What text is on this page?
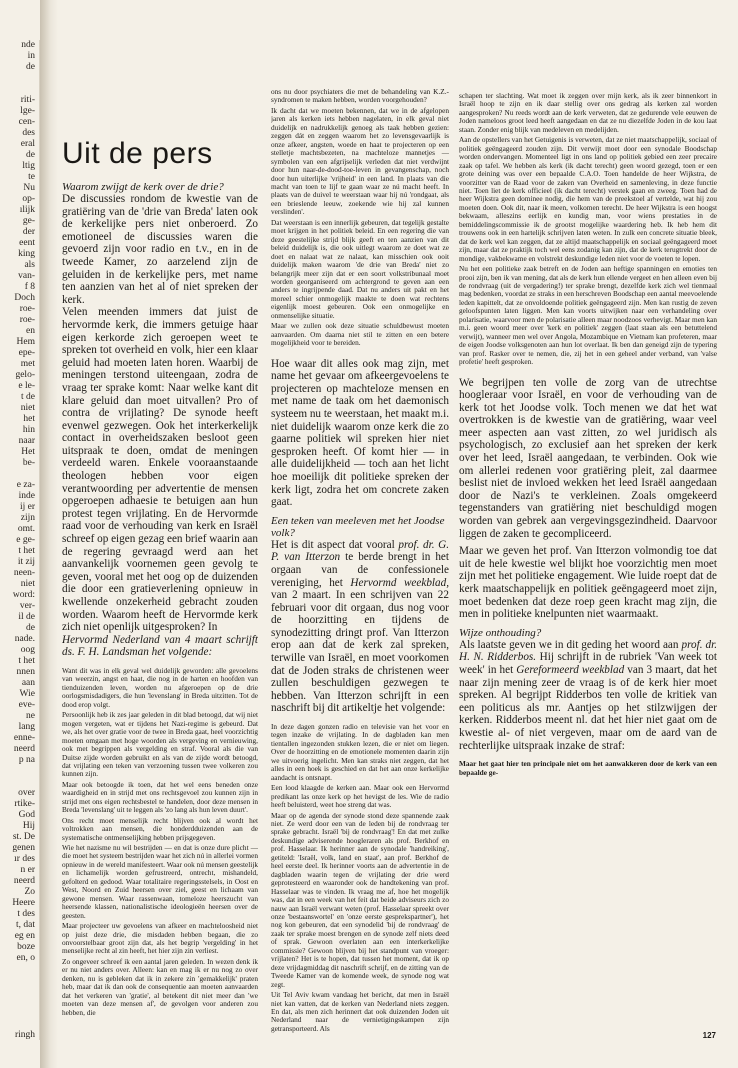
nde
in
de

riti-
lge-
cen-
des
eral
de
ltig
te
Nu
op-
ılijk
ge-
der
eent
king
als
van-
f 8
Doch
roe-
roe-
en
Hem
epe-
met
gelo-
e le-
t de
niet
het
hin
naar
Het
be-

e za-
inde
ij er
zijn
omt.
e ge-
t het
it zij
neen-
niet
word:
ver-
il de
de
nade.
oog
t het
nnen
aan
Wie
eve-
ne
lang
enne-
neerd
p na

over
rtike-
God
Hij
st. De
genen
ır des
n er
neerd
Zo
Heere
t des
t, dat
eg en
boze
en, o

ringh
Uit de pers
Waarom zwijgt de kerk over de drie?

De discussies rondom de kwestie van de gratiëring van de 'drie van Breda' laten ook de kerkelijke pers niet onberoerd. Zo emotioneel de discussies waren die gevoerd zijn voor radio en t.v., en in de tweede Kamer, zo aarzelend zijn de geluiden in de kerkelijke pers, met name ten aanzien van het al of niet spreken der kerk.

Velen meenden immers dat juist de hervormde kerk, die immers getuige haar eigen kerkorde zich geroepen weet te spreken tot overheid en volk, hier een klaar geluid had moeten laten horen. Waarbij de meningen terstond uiteengaan, zodra de vraag ter sprake komt: Naar welke kant dit klare geluid dan moet uitvallen? Pro of contra de vrijlating? De synode heeft evenwel gezwegen. Ook het interkerkelijk contact in overheidszaken besloot geen uitspraak te doen, omdat de meningen verdeeld waren. Enkele vooraanstaande theologen hebben voor eigen verantwoording per advertentie de mensen opgeroepen adhaesie te betuigen aan hun protest tegen vrijlating. En de Hervormde raad voor de verhouding van kerk en Israël schreef op eigen gezag een brief waarin aan de regering gevraagd werd aan het aanvankelijk voornemen geen gevolg te geven, vooral met het oog op de duizenden die door een gratieverlening opnieuw in kwellende onzekerheid gebracht zouden worden. Waarom heeft de Hervormde kerk zich niet openlijk uitgesproken? In

Hervormd Nederland van 4 maart schrijft ds. F. H. Landsman het volgende:

Want dit was in elk geval wel duidelijk geworden: alle gevoelens van weerzin, angst en haat, die nog in de harten en hoofden van tienduizenden leven, worden nu afgeroepen op de drie oorlogsmisdadigers, die hun 'levenslang' in Breda uitzitten. Tot de dood erop volgt.

Persoonlijk heb ik zes jaar geleden in dit blad betoogd, dat wij niet mogen vergeten, wat er tijdens het Nazi-regime is gebeurd. Dat we, als het over gratie voor de twee in Breda gaat, heel voorzichtig moeten omgaan met hoge woorden als vergeving en vernieuwing, ook met begrippen als vergelding en straf. Vooral als die van Duitse zijde worden gebruikt en als van de zijde wordt betoogd, dat vrijlating een teken van verzoening tussen twee volkeren zou kunnen zijn.

Maar ook betoogde ik toen, dat het wel eens beneden onze waardigheid en in strijd met ons rechtsgevoel zou kunnen zijn in strijd met ons eigen rechtsbestel te handelen, door deze mensen in Breda 'levenslang' uit te leggen als 'zo lang als hun leven duurt'.

Ons recht moet menselijk recht blijven ook al wordt het voltrokken aan mensen, die honderdduizenden aan de systematische ontmenselijking hebben prijsgegeven.

Wie het nazisme nu wil bestrijden — en dat is onze dure plicht — die moet het systeem bestrijden waar het zich nú in allerlei vormen opnieuw in de wereld manifesteert. Waar ook nú mensen geestelijk en lichamelijk worden gefrustreerd, ontrecht, mishandeld, gefolterd en gedood. Waar totalitaire regeringsstelsels, in Oost en West, Noord en Zuid heersen over ziel, geest en lichaam van gewone mensen. Waar rassenwaan, tomeloze heerszucht van heersende klassen, nationalistische ideologieën heersen over de geesten.

Maar projecteer uw gevoelens van afkeer en machteloosheid niet op juist deze drie, die misdaden hebben begaan, die zo onvoorstelbaar groot zijn dat, als het begrip 'vergelding' in het menselijke recht al zin heeft, het hier zijn zin verliest.

Zo ongeveer schreef ik een aantal jaren geleden. In wezen denk ik er nu niet anders over. Alleen: kan en mag ik er nu nog zo over denken, nu is gebleken dat ik in zekere zin 'gemakkelijk' praten heb, maar dat ik dan ook de consequentie aan moeten aanvaarden dat het verkeren van 'gratie', al betekent dit niet meer dan 'we moeten van deze mensen af', de gevolgen voor anderen zou hebben, die

ons nu door psychiaters die met de behandeling van K.Z.-syndromen te maken hebben, worden voorgehouden?

Ik dacht dat we moeten bekennen, dat we in de afgelopen jaren als kerken iets hebben nagelaten, in elk geval niet duidelijk en nadrukkelijk genoeg als taak hebben gezien: zeggen dát en zeggen waarom het zo levensgevaarlijk is onze afkeer, angsten, woede en haat te projecteren op een stelletje machtsbezeten, na machteloze mannetjes — symbolen van een afgrijselijk verleden dat niet verdwijnt door hun naar-de-dood-toe-leven in gevangenschap, noch door hun uiterlijke 'vrijheid' in een land. In plaats van die macht van toen te lijf te gaan waar ze nú macht heeft. In plaats van de duivel te weerstaan waar hij nú 'rondgaat, als een brieslende leeuw, zoekende wie hij zal kunnen verslinden'.

Dat weerstaan is een innerlijk gebeuren, dat tegelijk gestalte moet krijgen in het politiek beleid. En een regering die van deze geestelijke strijd blijk geeft en ten aanzien van dit beleid duidelijk is, die ook uitlegt waarom ze doet wat ze doet en nalaat wat ze nalaat, kan misschien ook ooit duidelijk maken waarom 'de drie van Breda' niet zo belangrijk meer zijn dat er een soort volkstribunaal moet worden georganiseerd om achtergrond te geven aan een anders te ingrijpende daad. Dat nu anders uit pakt en het moreel schier onmogelijk maakte te doen wat rechtens eigenlijk moest gebeuren. Ook een onmogelijke en onmenselijke situatie.

Maar we zullen ook deze situatie schuldbewust moeten aanvaarden. Om daarna niet stil te zitten en een betere mogelijkheid voor te bereiden.

Hoe waar dit alles ook mag zijn, met name het gevaar om afkeergevoelens te projecteren op machteloze mensen en met name de taak om het daemonisch systeem nu te weerstaan, het maakt m.i. niet duidelijk waarom onze kerk die zo gaarne politiek wil spreken hier niet gesproken heeft. Of komt hier — in alle duidelijkheid — toch aan het licht hoe moeilijk dit politieke spreken der kerk ligt, zodra het om concrete zaken gaat.
Een teken van meeleven met het Joodse volk?
Het is dit aspect dat vooral prof. dr. G. P. van Itterzon te berde brengt in het orgaan van de confessionele vereniging, het Hervormd weekblad, van 2 maart. In een schrijven van 22 februari voor dit orgaan, dus nog voor de hoorzitting en tijdens de synodezitting dringt prof. Van Itterzon erop aan dat de kerk zal spreken, terwille van Israël, en moet voorkomen dat de Joden straks de christenen weer zullen beschuldigen gezwegen te hebben. Van Itterzon schrijft in een naschrift bij dit artikeltje het volgende:

In deze dagen gonzen radio en televisie van het voor en tegen inzake de vrijlating. In de dagbladen kan men tientallen ingezonden stukken lezen, die er niet om liegen. Over de hoorzitting en de emotionele momenten daarin zijn we uitvoerig ingelicht. Men kan straks niet zeggen, dat het alles in een hoek is geschied en dat het aan onze kerkelijke aandacht is ontsnapt.

Een lood klaagde de kerken aan. Maar ook een Hervormd predikant las onze kerk op het hevigst de les. Wie de radio heeft beluisterd, weet hoe streng dat was.

Maar op de agenda der synode stond deze spannende zaak niet. Ze werd door een van de leden bij de rondvraag ter sprake gebracht. Israël 'bij de rondvraag'! En dat met zulke deskundige adviserende hoogleraren als prof. Berkhof en prof. Hasselaar. Ik herinner aan de synodale 'handreiking', getiteld: 'Israël, volk, land en staat', aan prof. Berkhof de heel eerste deel. Ik herinner voorts aan de advertentie in de dagbladen waarin tegen de vrijlating der drie werd geprotesteerd en waaronder ook de handtekening van prof. Hasselaar was te vinden. Ik vraag me af, hoe het mogelijk was, dat in een week van het feit dat beide adviseurs zich zo nauw aan Israël verwant weten (prof. Hasselaar spreekt over onze 'bestaanswortel' en 'onze eerste gesprekspartner'), het nog kon gebeuren, dat een synodelid 'bij de rondvraag' de zaak ter sprake moest brengen en de synode zelf niets deed of sprak. Gewoon overlaten aan een interkerkelijke commissie? Gewoon blijven bij het standpunt van vroeger: vrijlaten? Het is te hopen, dat tussen het moment, dat ik op deze vrijdagmiddag dit naschrift schrijf, en de zitting van de Tweede Kamer van de komende week, de synode nog wat zegt.

Uit Tel Aviv kwam vandaag het bericht, dat men in Israël niet kan vatten, dat de kerken van Nederland niets zeggen. En dat, als men zich herinnert dat ook duizenden Joden uit Nederland naar de vernietigingskampen zijn getransporteerd. Als

schapen ter slachting. Wat moet ik zeggen over mijn kerk, als ik zeer binnenkort in Israël hoop te zijn en ik daar stellig over ons gedrag als kerken zal worden aangesproken? Nu reeds wordt aan de kerk verweten, dat ze gedurende vele eeuwen de Joden nameloos groot leed heeft aangedaan en dat ze nu diezelfde Joden in de kou laat staan. Zonder enig blijk van medeleven en medelijden.

Aan de opstellers van het Getuigenis is verweten, dat ze niet maatschappelijk, sociaal of politiek geëngageerd zouden zijn. Dit verwijt moet door een synodale Boodschap worden ondervangen. Momenteel ligt in ons land op politiek gebied een zeer precaire zaak op tafel. We hebben als kerk (ik dacht terecht) geen woord gezegd, toen er een grote deining was over een bepaalde C.A.O. Toen handelde de heer Wijkstra, de voorzitter van de Raad voor de zaken van Overheid en samenleving, in deze functie niet. Toen liet de kerk officieel (ik dacht terecht) verstek gaan en zweeg. Toen had de heer Wijkstra geen dominee nodig, die hem van de preekstoel af vertelde, wat hij zou moeten doen. Ook dit, naar ik meen, volkomen terecht. De heer Wijkstra is een hoogst bekwaam, alleszins eerlijk en kundig man, voor wiens prestaties in de bemiddelingscommissie ik de grootst mogelijke waardering heb. Ik heb hem dit trouwens ook in een hartelijk schrijven laten weten. In zulk een concrete situatie bleek, dat de kerk wel kan zeggen, dat ze altijd maatschappelijk en sociaal geëngageerd moet zijn, maar dat ze praktijk toch wel eens zodanig kan zijn, dat de kerk terugtrekt door de mondige, vakbekwame en volstrekt deskundige leden niet voor de voeten te lopen.

Nu het een politieke zaak betreft en de Joden aan heftige spanningen en emoties ten prooi zijn, ben ik van mening, dat als de kerk hun ellende vergeet en hen alleen even bij de rondvraag (uit de vergadering!) ter sprake brengt, dezelfde kerk zich wel tienmaal mag bedenken, voordat ze straks in een herschreven Boodschap een aantal meevoelende leden kapittelt, dat ze onvoldoende politiek geëngageerd zijn. Men kan rustig de zeven geloofspunten laten liggen. Men kan voorts uitwijken naar een verhandeling over polarisatie, waarvoor men de polarisatie alleen maar noodzoos verhevigt. Maar men kan m.i. geen woord meer over 'kerk en politiek' zeggen (laat staan als een betuttelend verwijt), wanneer men wel over Angola, Mozambique en Vietnam kan profeteren, maar de eigen Joodse volksgenoten aan hun lot overlaat. Ik ben dan geneigd zijn de typering van prof. Rasker over te nemen, die, zij het in een geheel ander verband, van 'valse profetie' heeft gesproken.

We begrijpen ten volle de zorg van de utrechtse hoogleraar voor Israël, en voor de verhouding van de kerk tot het Joodse volk. Toch menen we dat het wat overtrokken is de kwestie van de gratiëring, waar veel meer aspecten aan vast zitten, zo wel juridisch als psychologisch, zo exclusief aan het spreken der kerk over het leed, Israël aangedaan, te verbinden. Ook wie om allerlei redenen voor gratiëring pleit, zal daarmee beslist niet de invloed wekken het leed Israël aangedaan door de Nazi's te verkleinen. Zoals omgekeerd tegenstanders van gratiëring niet beschuldigd mogen worden van gebrek aan vergevingsgezindheid. Daarvoor liggen de zaken te gecompliceerd.
Maar we geven het prof. Van Itterzon volmondig toe dat uit de hele kwestie wel blijkt hoe voorzichtig men moet zijn met het politieke engagement. Wie luide roept dat de kerk maatschappelijk en politiek geëngageerd moet zijn, moet bedenken dat deze roep geen kracht mag zijn, die men in politieke knelpunten niet waarmaakt.
Wijze onthouding?
Als laatste geven we in dit geding het woord aan prof. dr. H. N. Ridderbos. Hij schrijft in de rubriek 'Van week tot week' in het Gereformeerd weekblad van 3 maart, dat het naar zijn mening zeer de vraag is of de kerk hier moet spreken. Al begrijpt Ridderbos ten volle de kritiek van een politicus als mr. Aantjes op het stilzwijgen der kerken. Ridderbos meent nl. dat het hier niet gaat om de kwestie al- of niet vergeven, maar om de aard van de rechterlijke uitspraak inzake de straf:
Maar het gaat hier ten principale niet om het aanwakkeren door de kerk van een bepaalde ge-
127
